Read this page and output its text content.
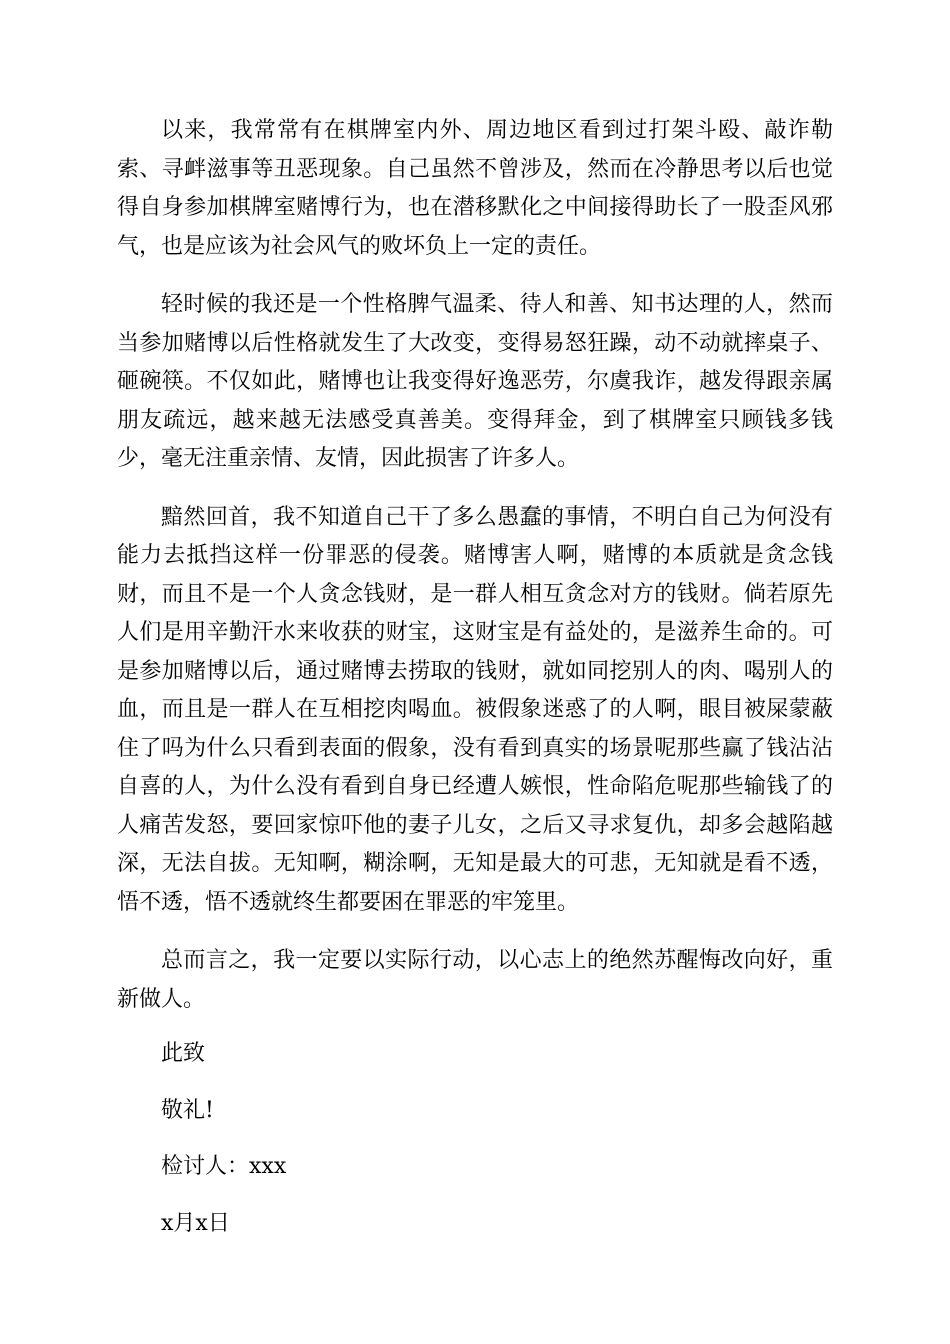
以来，我常常有在棋牌室内外、周边地区看到过打架斗殴、敲诈勒索、寻衅滋事等丑恶现象。自己虽然不曾涉及，然而在冷静思考以后也觉得自身参加棋牌室赌博行为，也在潜移默化之中间接得助长了一股歪风邪气，也是应该为社会风气的败坏负上一定的责任。

轻时候的我还是一个性格脾气温柔、待人和善、知书达理的人，然而当参加赌博以后性格就发生了大改变，变得易怒狂躁，动不动就摔桌子、砸碗筷。不仅如此，赌博也让我变得好逸恶劳，尔虞我诈，越发得跟亲属朋友疏远，越来越无法感受真善美。变得拜金，到了棋牌室只顾钱多钱少，毫无注重亲情、友情，因此损害了许多人。

黯然回首，我不知道自己干了多么愚蠢的事情，不明白自己为何没有能力去抵挡这样一份罪恶的侵袭。赌博害人啊，赌博的本质就是贪念钱财，而且不是一个人贪念钱财，是一群人相互贪念对方的钱财。倘若原先人们是用辛勤汗水来收获的财宝，这财宝是有益处的，是滋养生命的。可是参加赌博以后，通过赌博去捞取的钱财，就如同挖别人的肉、喝别人的血，而且是一群人在互相挖肉喝血。被假象迷惑了的人啊，眼目被屎蒙蔽住了吗为什么只看到表面的假象，没有看到真实的场景呢那些赢了钱沾沾自喜的人，为什么没有看到自身已经遭人嫉恨，性命陷危呢那些输钱了的人痛苦发怒，要回家惊吓他的妻子儿女，之后又寻求复仇，却多会越陷越深，无法自拔。无知啊，糊涂啊，无知是最大的可悲，无知就是看不透，悟不透，悟不透就终生都要困在罪恶的牢笼里。

总而言之，我一定要以实际行动，以心志上的绝然苏醒悔改向好，重新做人。

此致

敬礼!

检讨人：xxx

x月x日
